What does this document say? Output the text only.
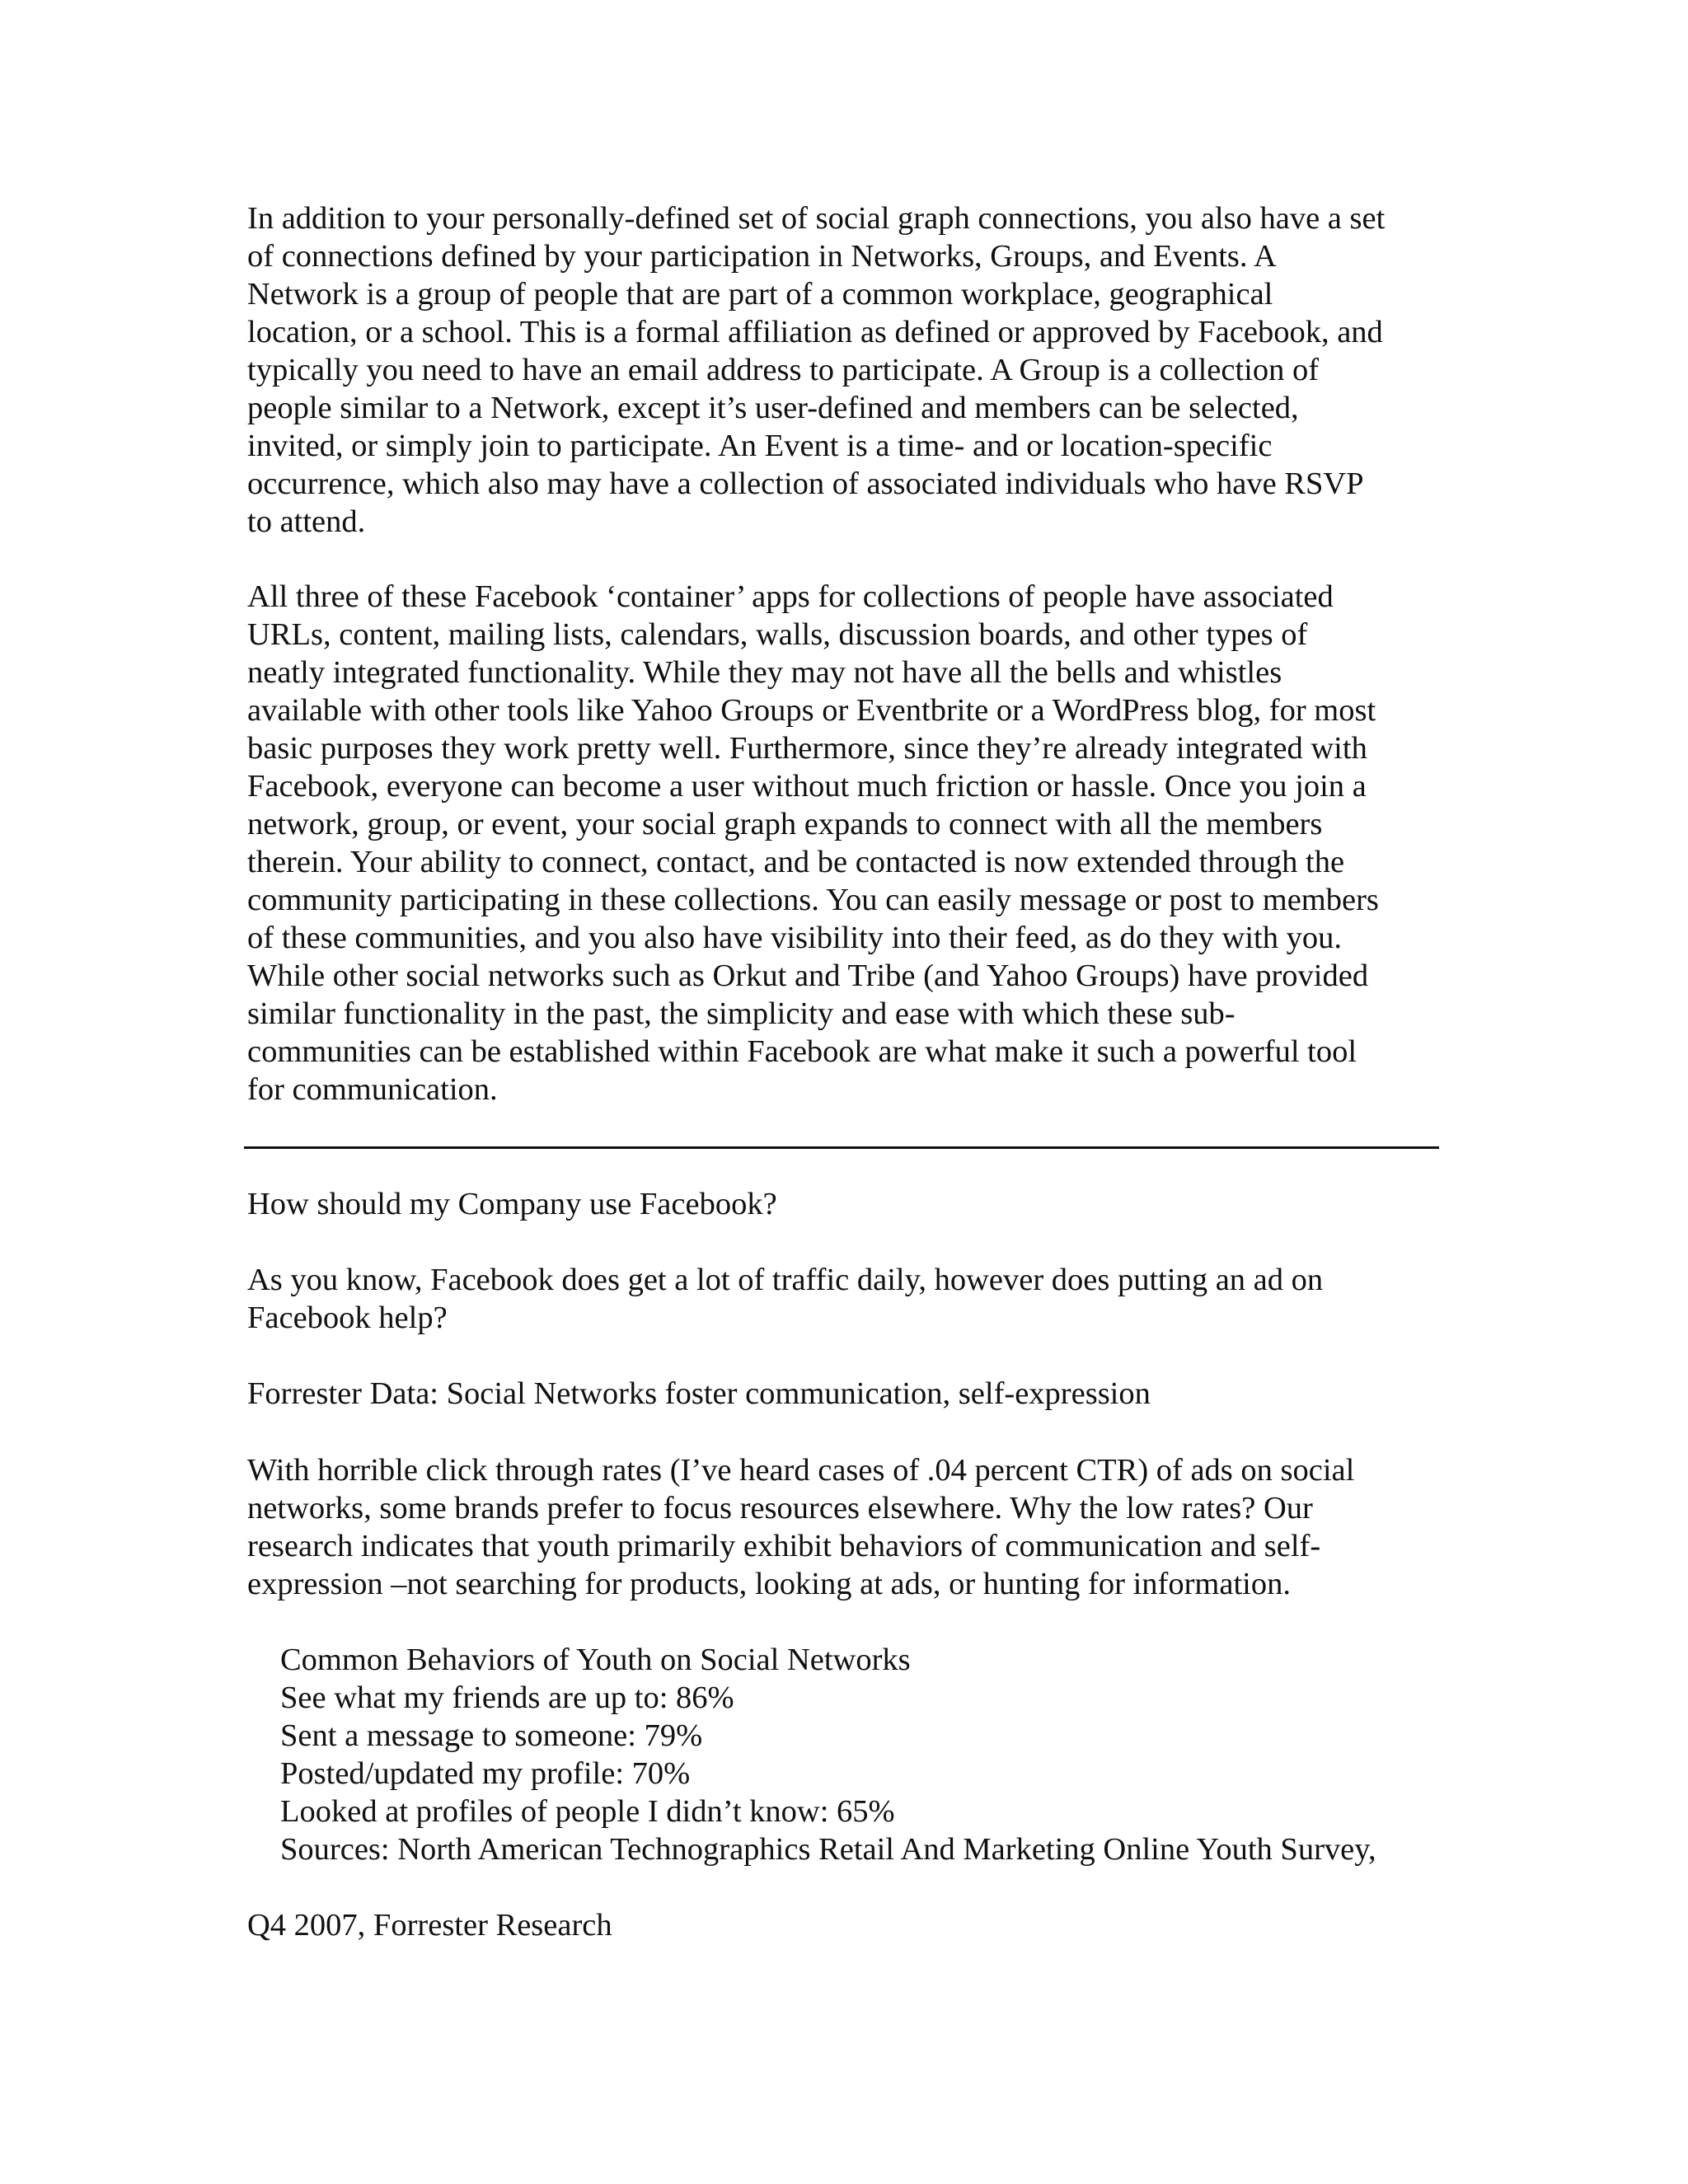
In addition to your personally-defined set of social graph connections, you also have a set
of connections defined by your participation in Networks, Groups, and Events. A
Network is a group of people that are part of a common workplace, geographical
location, or a school. This is a formal affiliation as defined or approved by Facebook, and
typically you need to have an email address to participate. A Group is a collection of
people similar to a Network, except it’s user-defined and members can be selected,
invited, or simply join to participate. An Event is a time- and or location-specific
occurrence, which also may have a collection of associated individuals who have RSVP
to attend.

All three of these Facebook ‘container’ apps for collections of people have associated
URLs, content, mailing lists, calendars, walls, discussion boards, and other types of
neatly integrated functionality. While they may not have all the bells and whistles
available with other tools like Yahoo Groups or Eventbrite or a WordPress blog, for most
basic purposes they work pretty well. Furthermore, since they’re already integrated with
Facebook, everyone can become a user without much friction or hassle. Once you join a
network, group, or event, your social graph expands to connect with all the members
therein. Your ability to connect, contact, and be contacted is now extended through the
community participating in these collections. You can easily message or post to members
of these communities, and you also have visibility into their feed, as do they with you.
While other social networks such as Orkut and Tribe (and Yahoo Groups) have provided
similar functionality in the past, the simplicity and ease with which these sub-
communities can be established within Facebook are what make it such a powerful tool
for communication.

How should my Company use Facebook?

As you know, Facebook does get a lot of traffic daily, however does putting an ad on
Facebook help?

Forrester Data: Social Networks foster communication, self-expression

With horrible click through rates (I’ve heard cases of .04 percent CTR) of ads on social
networks, some brands prefer to focus resources elsewhere. Why the low rates? Our
research indicates that youth primarily exhibit behaviors of communication and self-
expression –not searching for products, looking at ads, or hunting for information.

Common Behaviors of Youth on Social Networks
See what my friends are up to: 86%
Sent a message to someone: 79%
Posted/updated my profile: 70%
Looked at profiles of people I didn’t know: 65%
Sources: North American Technographics Retail And Marketing Online Youth Survey,

Q4 2007, Forrester Research
